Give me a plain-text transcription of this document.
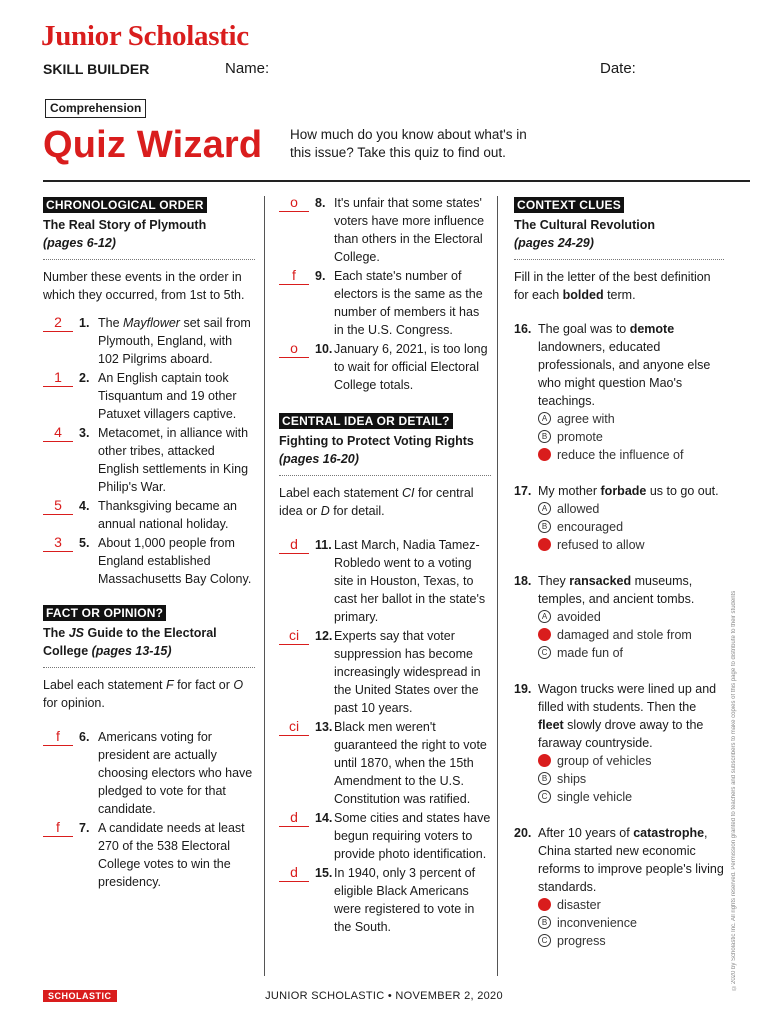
Junior Scholastic
SKILL BUILDER	Name:	Date:
Comprehension
Quiz Wizard How much do you know about what's in this issue? Take this quiz to find out.
CHRONOLOGICAL ORDER
The Real Story of Plymouth
(pages 6-12)
Number these events in the order in which they occurred, from 1st to 5th.
2	1. The Mayflower set sail from Plymouth, England, with 102 Pilgrims aboard.
1	2. An English captain took Tisquantum and 19 other Patuxet villagers captive.
4	3. Metacomet, in alliance with other tribes, attacked English settlements in King Philip's War.
5	4. Thanksgiving became an annual national holiday.
3	5. About 1,000 people from England established Massachusetts Bay Colony.
FACT OR OPINION?
The JS Guide to the Electoral College (pages 13-15)
Label each statement F for fact or O for opinion.
f	6. Americans voting for president are actually choosing electors who have pledged to vote for that candidate.
f	7. A candidate needs at least 270 of the 538 Electoral College votes to win the presidency.
o	8. It's unfair that some states' voters have more influence than others in the Electoral College.
f	9. Each state's number of electors is the same as the number of members it has in the U.S. Congress.
o	10. January 6, 2021, is too long to wait for official Electoral College totals.
CENTRAL IDEA OR DETAIL?
Fighting to Protect Voting Rights
(pages 16-20)
Label each statement CI for central idea or D for detail.
d	11. Last March, Nadia Tamez-Robledo went to a voting site in Houston, Texas, to cast her ballot in the state's primary.
ci	12. Experts say that voter suppression has become increasingly widespread in the United States over the past 10 years.
ci	13. Black men weren't guaranteed the right to vote until 1870, when the 15th Amendment to the U.S. Constitution was ratified.
d	14. Some cities and states have begun requiring voters to provide photo identification.
d	15. In 1940, only 3 percent of eligible Black Americans were registered to vote in the South.
CONTEXT CLUES
The Cultural Revolution
(pages 24-29)
Fill in the letter of the best definition for each bolded term.
16. The goal was to demote landowners, educated professionals, and anyone else who might question Mao's teachings.
A agree with
B promote
reduce the influence of
17. My mother forbade us to go out.
A allowed
B encouraged
refused to allow
18. They ransacked museums, temples, and ancient tombs.
A avoided
damaged and stole from
C made fun of
19. Wagon trucks were lined up and filled with students. Then the fleet slowly drove away to the faraway countryside.
group of vehicles
B ships
C single vehicle
20. After 10 years of catastrophe, China started new economic reforms to improve people's living standards.
disaster
B inconvenience
C progress
SCHOLASTIC	JUNIOR SCHOLASTIC • NOVEMBER 2, 2020
©2020 by Scholastic Inc. All rights reserved. Permission granted to teachers and subscribers to make copies of this page to distribute to their students
